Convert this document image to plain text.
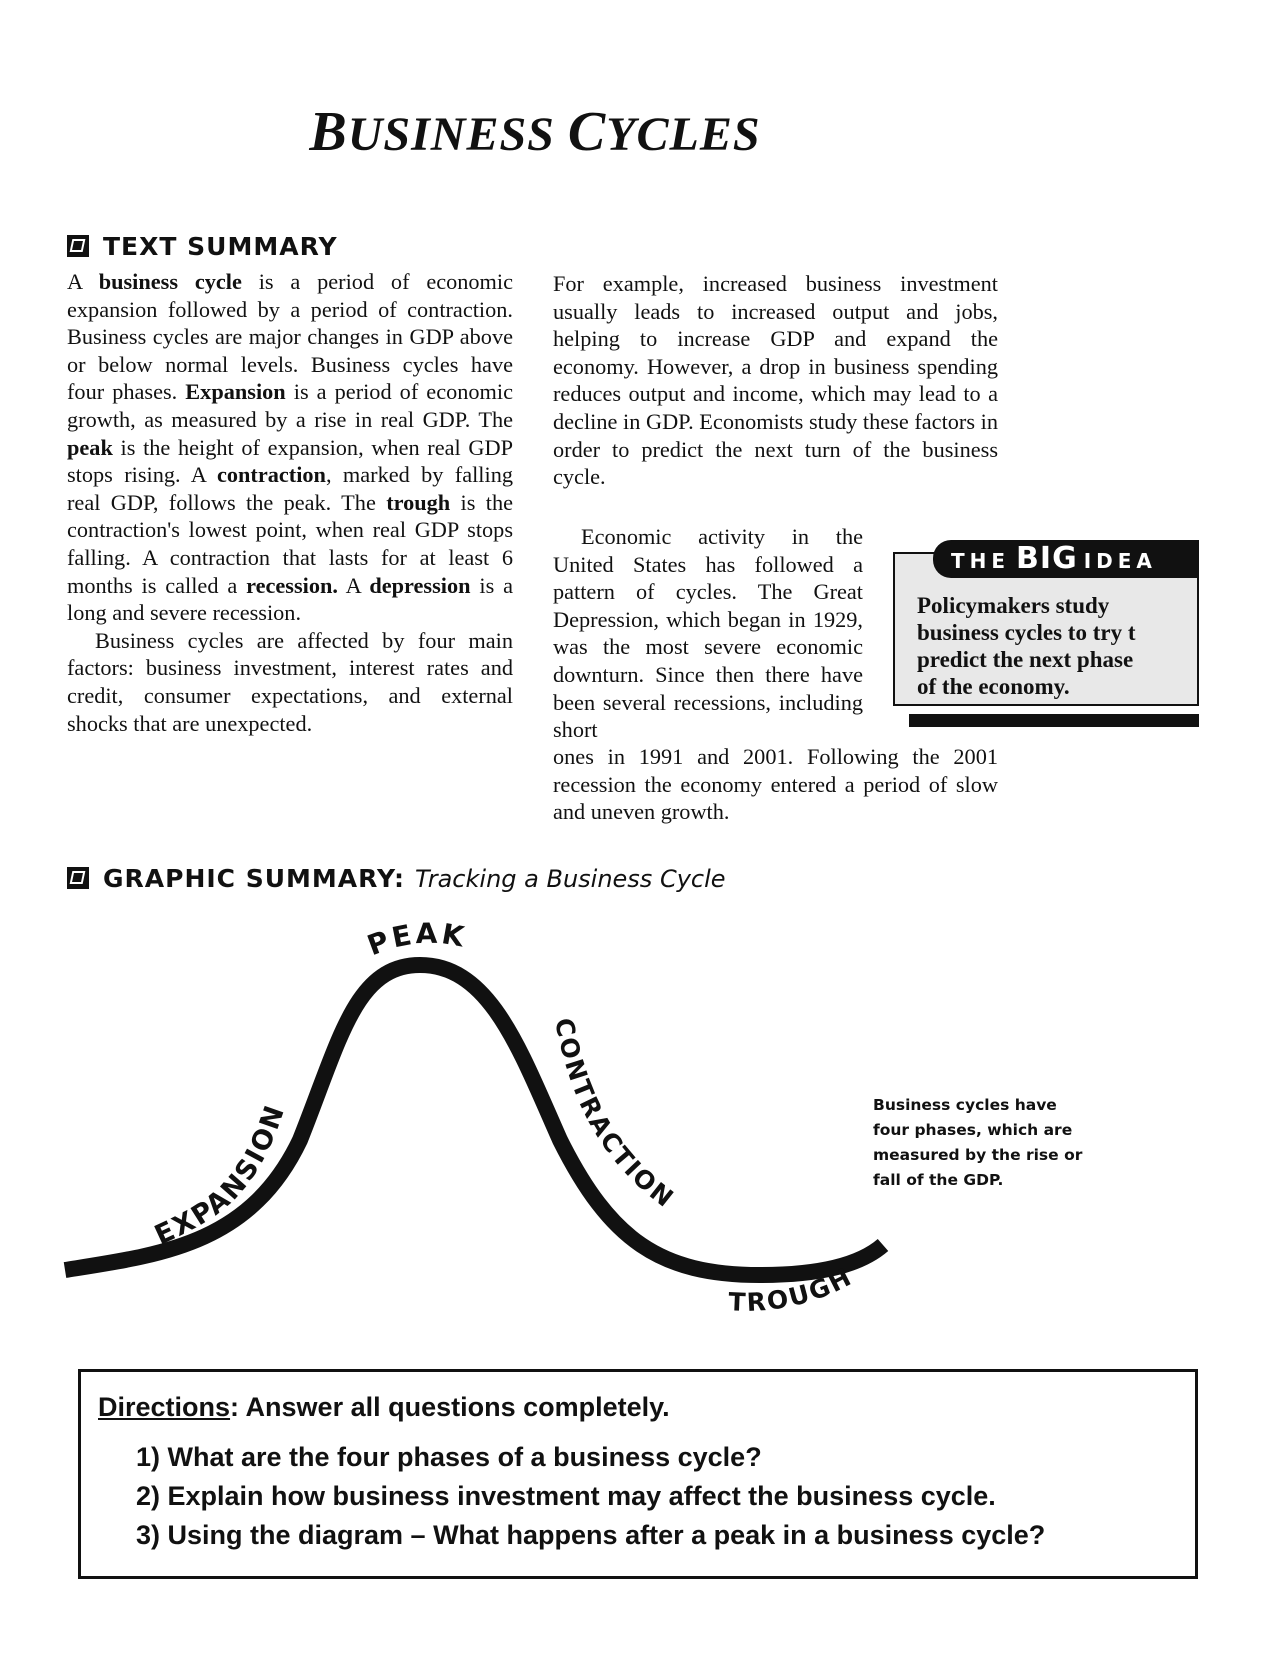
BUSINESS CYCLES
TEXT SUMMARY

A business cycle is a period of economic expansion followed by a period of contraction. Business cycles are major changes in GDP above or below normal levels. Business cycles have four phases. Expansion is a period of economic growth, as measured by a rise in real GDP. The peak is the height of expansion, when real GDP stops rising. A contraction, marked by falling real GDP, follows the peak. The trough is the contraction's lowest point, when real GDP stops falling. A contraction that lasts for at least 6 months is called a recession. A depression is a long and severe recession.

Business cycles are affected by four main factors: business investment, interest rates and credit, consumer expectations, and external shocks that are unexpected.

For example, increased business investment usually leads to increased output and jobs, helping to increase GDP and expand the economy. However, a drop in business spending reduces output and income, which may lead to a decline in GDP. Economists study these factors in order to predict the next turn of the business cycle.

Economic activity in the United States has followed a pattern of cycles. The Great Depression, which began in 1929, was the most severe economic downturn. Since then there have been several recessions, including short

ones in 1991 and 2001. Following the 2001 recession the economy entered a period of slow and uneven growth.

THE BIG IDEA
Policymakers study
business cycles to try t
predict the next phase
of the economy.
GRAPHIC SUMMARY: Tracking a Business Cycle
EXPANSION
PEAK
CONTRACTION
TROUGH
Business cycles have four phases, which are measured by the rise or fall of the GDP.
Directions: Answer all questions completely.
1) What are the four phases of a business cycle?
2) Explain how business investment may affect the business cycle.
3) Using the diagram – What happens after a peak in a business cycle?
